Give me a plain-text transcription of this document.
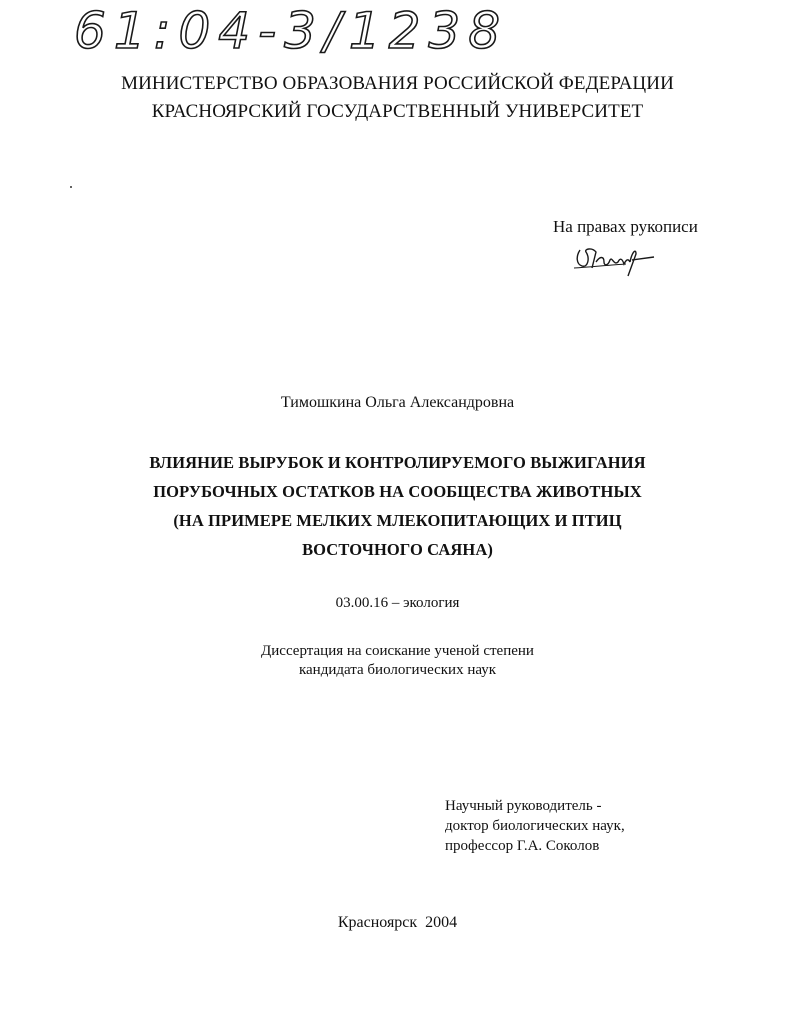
61:04-3/1238
МИНИСТЕРСТВО ОБРАЗОВАНИЯ РОССИЙСКОЙ ФЕДЕРАЦИИ
КРАСНОЯРСКИЙ ГОСУДАРСТВЕННЫЙ УНИВЕРСИТЕТ
На правах рукописи
Тимошкина Ольга Александровна
ВЛИЯНИЕ ВЫРУБОК И КОНТРОЛИРУЕМОГО ВЫЖИГАНИЯ
ПОРУБОЧНЫХ ОСТАТКОВ НА СООБЩЕСТВА ЖИВОТНЫХ
(НА ПРИМЕРЕ МЕЛКИХ МЛЕКОПИТАЮЩИХ И ПТИЦ
ВОСТОЧНОГО САЯНА)
03.00.16 – экология
Диссертация на соискание ученой степени
кандидата биологических наук
Научный руководитель -
доктор биологических наук,
профессор Г.А. Соколов
Красноярск  2004
